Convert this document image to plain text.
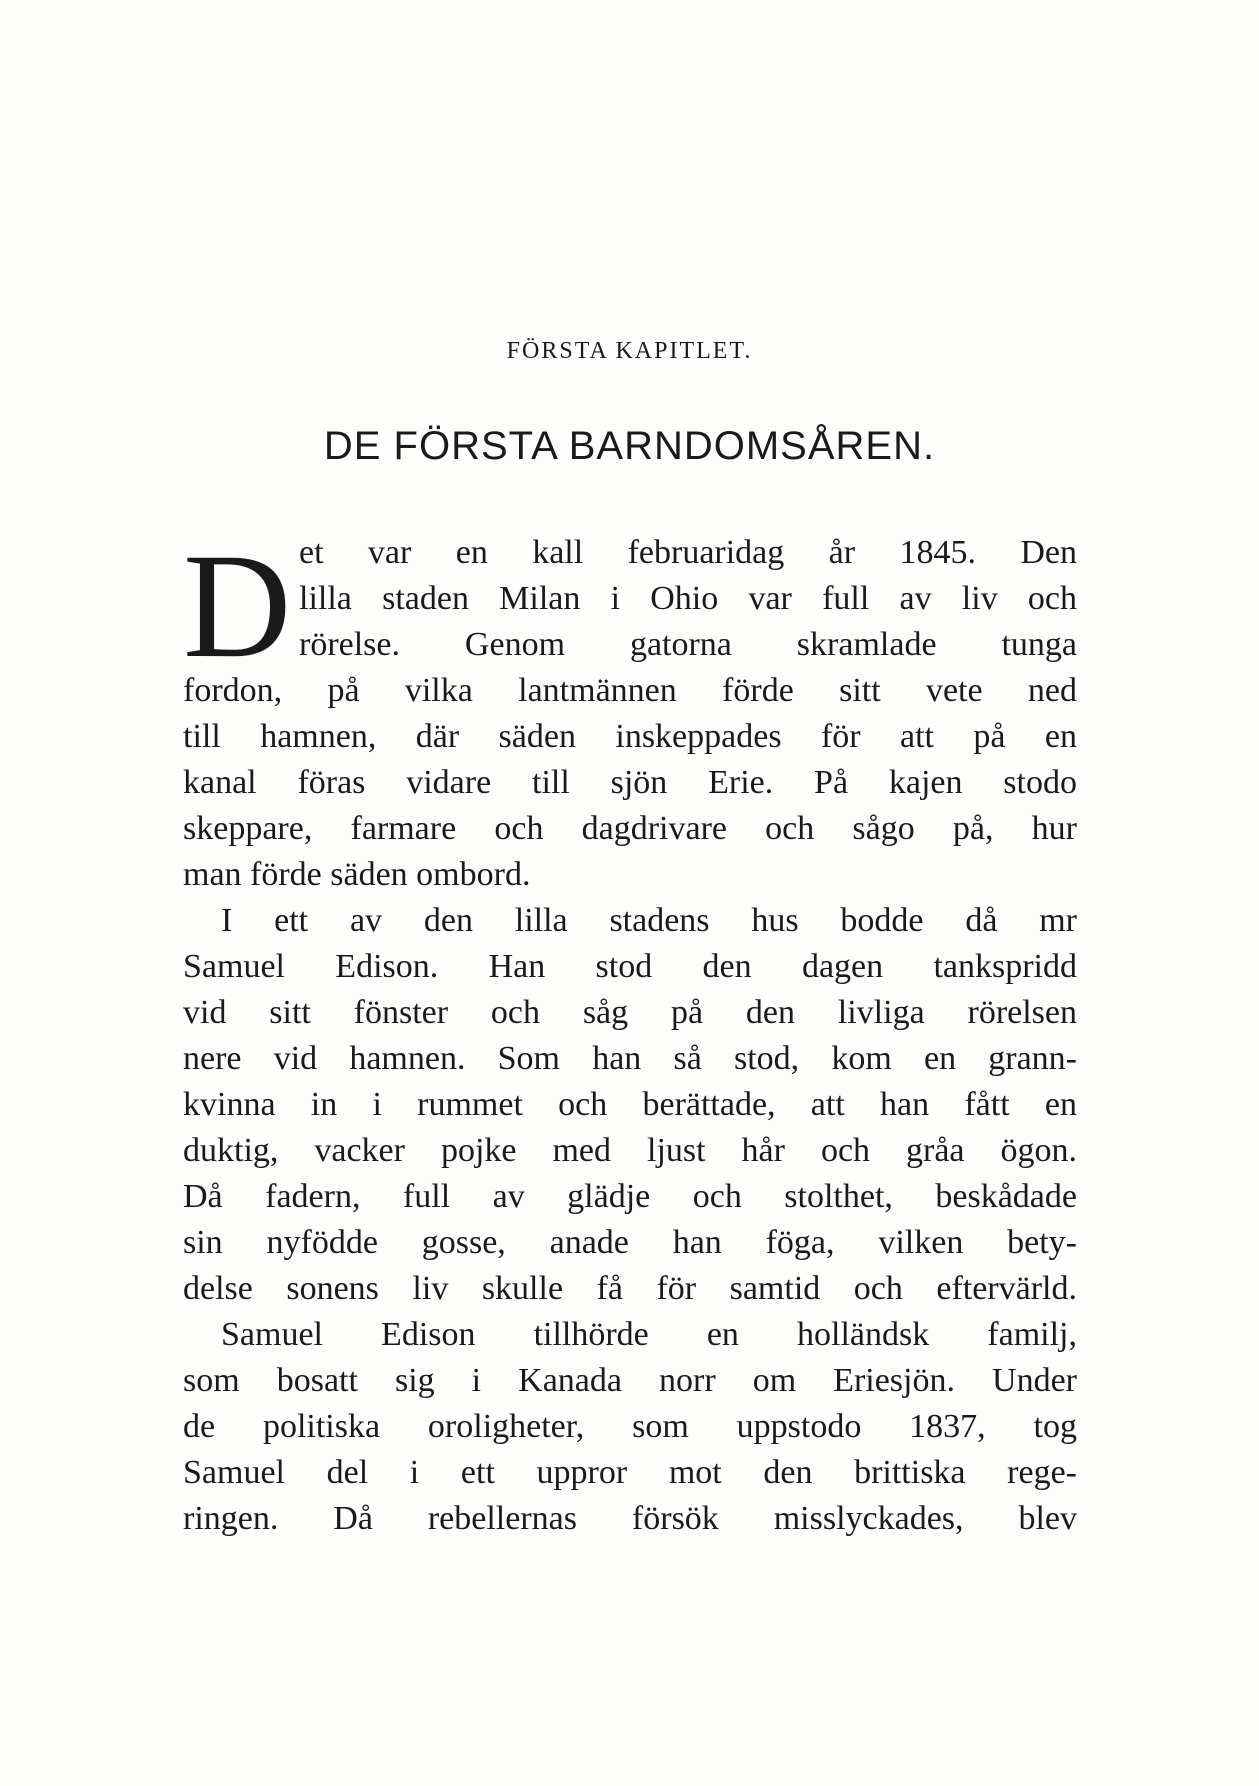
FÖRSTA KAPITLET.
DE FÖRSTA BARNDOMSÅREN.
D et var en kall februaridag år 1845. Den
lilla staden Milan i Ohio var full av liv och
rörelse. Genom gatorna skramlade tunga
fordon, på vilka lantmännen förde sitt vete ned
till hamnen, där säden inskeppades för att på en
kanal föras vidare till sjön Erie. På kajen stodo
skeppare, farmare och dagdrivare och sågo på, hur
man förde säden ombord.
I ett av den lilla stadens hus bodde då mr
Samuel Edison. Han stod den dagen tankspridd
vid sitt fönster och såg på den livliga rörelsen
nere vid hamnen. Som han så stod, kom en grann-
kvinna in i rummet och berättade, att han fått en
duktig, vacker pojke med ljust hår och gråa ögon.
Då fadern, full av glädje och stolthet, beskådade
sin nyfödde gosse, anade han föga, vilken bety-
delse sonens liv skulle få för samtid och eftervärld.
Samuel Edison tillhörde en holländsk familj,
som bosatt sig i Kanada norr om Eriesjön. Under
de politiska oroligheter, som uppstodo 1837, tog
Samuel del i ett uppror mot den brittiska rege-
ringen. Då rebellernas försök misslyckades, blev
